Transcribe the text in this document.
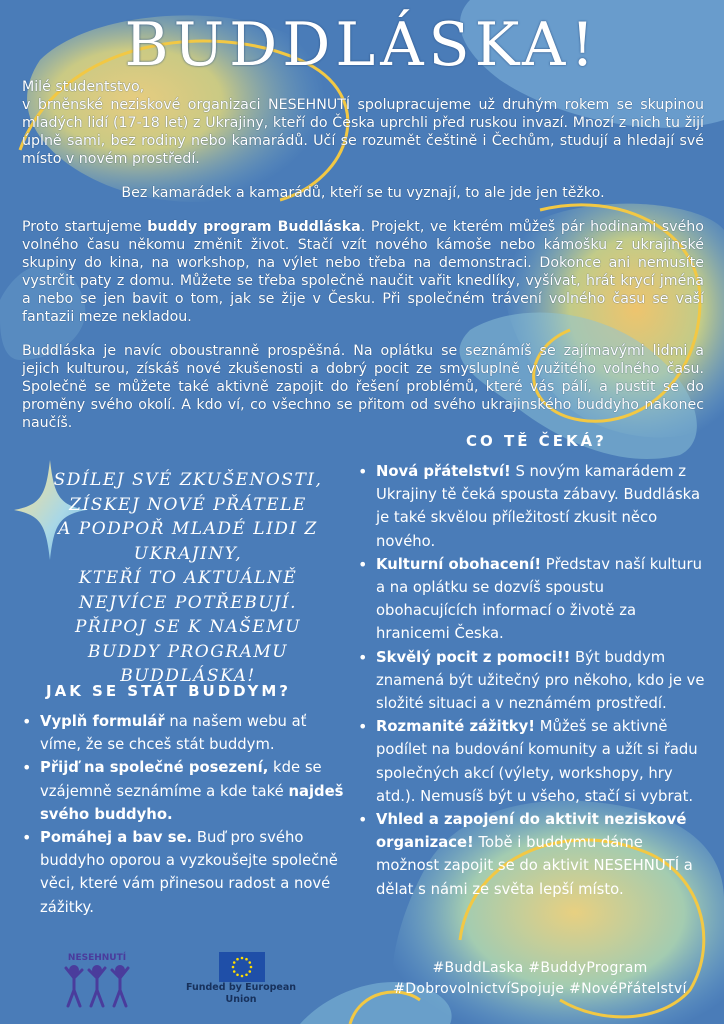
BUDDLÁSKA!
Milé studentstvo,
v brněnské neziskové organizaci NESEHNUTÍ spolupracujeme už druhým rokem se skupinou mladých lidí (17-18 let) z Ukrajiny, kteří do Česka uprchli před ruskou invazí. Mnozí z nich tu žijí úplně sami, bez rodiny nebo kamarádů. Učí se rozumět češtině i Čechům, studují a hledají své místo v novém prostředí.
Bez kamarádek a kamarádů, kteří se tu vyznají, to ale jde jen těžko.
Proto startujeme buddy program Buddláska. Projekt, ve kterém můžeš pár hodinami svého volného času někomu změnit život. Stačí vzít nového kámoše nebo kámošku z ukrajinské skupiny do kina, na workshop, na výlet nebo třeba na demonstraci. Dokonce ani nemusíte vystrčit paty z domu. Můžete se třeba společně naučit vařit knedlíky, vyšívat, hrát krycí jména a nebo se jen bavit o tom, jak se žije v Česku. Při společném trávení volného času se vaší fantazii meze nekladou.
Buddláska je navíc oboustranně prospěšná. Na oplátku se seznámíš se zajímavými lidmi a jejich kulturou, získáš nové zkušenosti a dobrý pocit ze smysluplně využitého volného času. Společně se můžete také aktivně zapojit do řešení problémů, které vás pálí, a pustit se do proměny svého okolí. A kdo ví, co všechno se přitom od svého ukrajinského buddyho nakonec naučíš.
SDÍLEJ SVÉ ZKUŠENOSTI,
ZÍSKEJ NOVÉ PŘÁTELE
A PODPOŘ MLADÉ LIDI Z UKRAJINY,
KTEŘÍ TO AKTUÁLNĚ
NEJVÍCE POTŘEBUJÍ.
PŘIPOJ SE K NAŠEMU
BUDDY PROGRAMU BUDDLÁSKA!
JAK SE STÁT BUDDYM?
• Vyplň formulář na našem webu ať víme, že se chceš stát buddym.
• Přijď na společné posezení, kde se vzájemně seznámíme a kde také najdeš svého buddyho.
• Pomáhej a bav se. Buď pro svého buddyho oporou a vyzkoušejte společně věci, které vám přinesou radost a nové zážitky.
CO TĚ ČEKÁ?
• Nová přátelství! S novým kamarádem z Ukrajiny tě čeká spousta zábavy. Buddláska je také skvělou příležitostí zkusit něco nového.
• Kulturní obohacení! Představ naší kulturu a na oplátku se dozvíš spoustu obohacujících informací o životě za hranicemi Česka.
• Skvělý pocit z pomoci!! Být buddym znamená být užitečný pro někoho, kdo je ve složité situaci a v neznámém prostředí.
• Rozmanité zážitky! Můžeš se aktivně podílet na budování komunity a užít si řadu společných akcí (výlety, workshopy, hry atd.). Nemusíš být u všeho, stačí si vybrat.
• Vhled a zapojení do aktivit neziskové organizace! Tobě i buddymu dáme možnost zapojit se do aktivit NESEHNUTÍ a dělat s námi ze světa lepší místo.
NESEHNUTÍ
Funded by European
Union
#BuddLaska #BuddyProgram
#DobrovolnictvíSpojuje #NovéPřátelství
